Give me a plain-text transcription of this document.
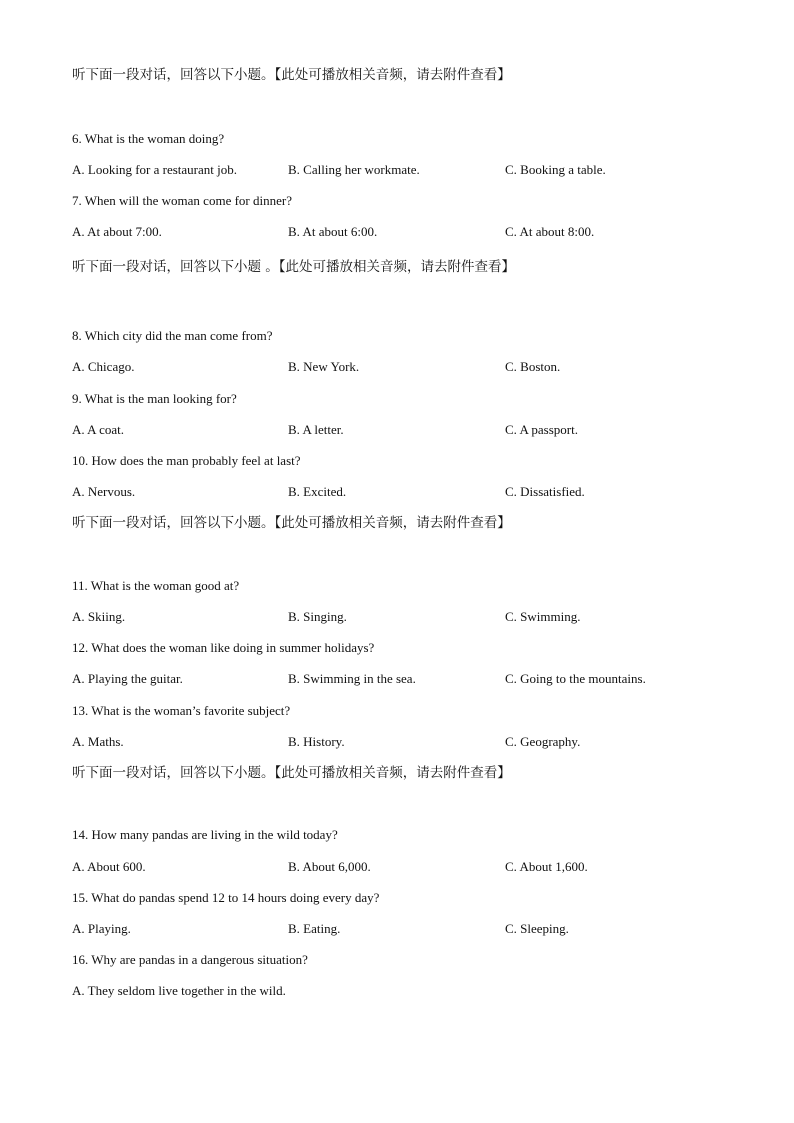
听下面一段对话，回答以下小题。【此处可播放相关音频，请去附件查看】
6. What is the woman doing?
A. Looking for a restaurant job.	B. Calling her workmate.	C. Booking a table.
7. When will the woman come for dinner?
A. At about 7:00.	B. At about 6:00.	C. At about 8:00.
听下面一段对话，回答以下小题 。【此处可播放相关音频，请去附件查看】
8. Which city did the man come from?
A. Chicago.	B. New York.	C. Boston.
9. What is the man looking for?
A. A coat.	B. A letter.	C. A passport.
10. How does the man probably feel at last?
A. Nervous.	B. Excited.	C. Dissatisfied.
听下面一段对话，回答以下小题。【此处可播放相关音频，请去附件查看】
11. What is the woman good at?
A. Skiing.	B. Singing.	C. Swimming.
12. What does the woman like doing in summer holidays?
A. Playing the guitar.	B. Swimming in the sea.	C. Going to the mountains.
13. What is the woman’s favorite subject?
A. Maths.	B. History.	C. Geography.
听下面一段对话，回答以下小题。【此处可播放相关音频，请去附件查看】
14. How many pandas are living in the wild today?
A. About 600.	B. About 6,000.	C. About 1,600.
15. What do pandas spend 12 to 14 hours doing every day?
A. Playing.	B. Eating.	C. Sleeping.
16. Why are pandas in a dangerous situation?
A. They seldom live together in the wild.
